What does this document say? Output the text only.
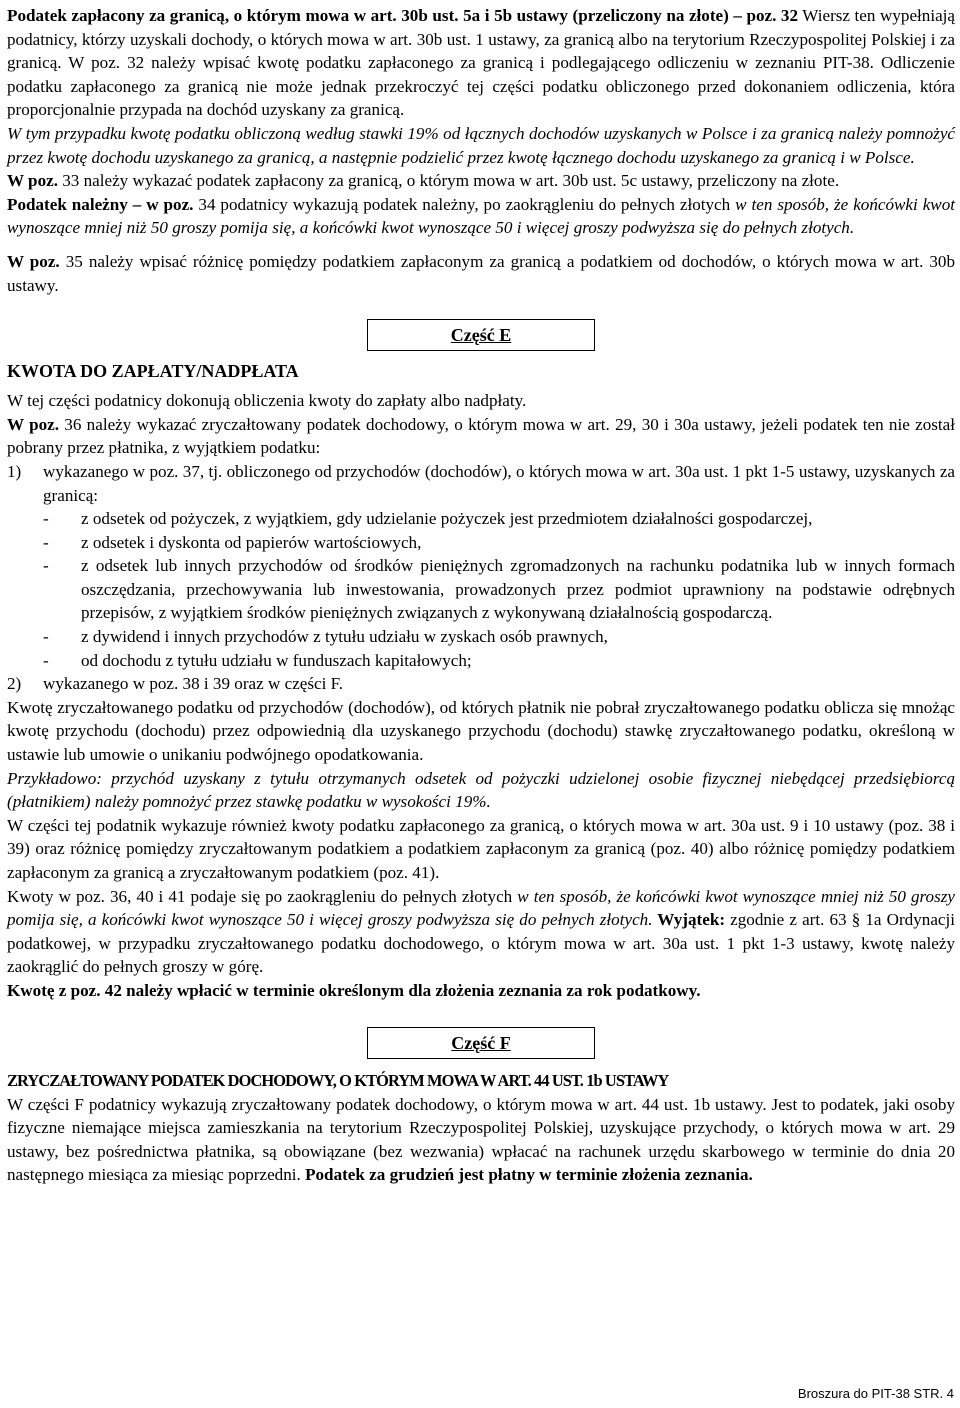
Podatek zapłacony za granicą, o którym mowa w art. 30b ust. 5a i 5b ustawy (przeliczony na złote) – poz. 32 Wiersz ten wypełniają podatnicy, którzy uzyskali dochody, o których mowa w art. 30b ust. 1 ustawy, za granicą albo na terytorium Rzeczypospolitej Polskiej i za granicą. W poz. 32 należy wpisać kwotę podatku zapłaconego za granicą i podlegającego odliczeniu w zeznaniu PIT-38. Odliczenie podatku zapłaconego za granicą nie może jednak przekroczyć tej części podatku obliczonego przed dokonaniem odliczenia, która proporcjonalnie przypada na dochód uzyskany za granicą.

W tym przypadku kwotę podatku obliczoną według stawki 19% od łącznych dochodów uzyskanych w Polsce i za granicą należy pomnożyć przez kwotę dochodu uzyskanego za granicą, a następnie podzielić przez kwotę łącznego dochodu uzyskanego za granicą i w Polsce.

W poz. 33 należy wykazać podatek zapłacony za granicą, o którym mowa w art. 30b ust. 5c ustawy, przeliczony na złote.

Podatek należny – w poz. 34 podatnicy wykazują podatek należny, po zaokrągleniu do pełnych złotych w ten sposób, że końcówki kwot wynoszące mniej niż 50 groszy pomija się, a końcówki kwot wynoszące 50 i więcej groszy podwyższa się do pełnych złotych.

W poz. 35 należy wpisać różnicę pomiędzy podatkiem zapłaconym za granicą a podatkiem od dochodów, o których mowa w art. 30b ustawy.

Część E
KWOTA DO ZAPŁATY/NADPŁATA

W tej części podatnicy dokonują obliczenia kwoty do zapłaty albo nadpłaty.

W poz. 36 należy wykazać zryczałtowany podatek dochodowy, o którym mowa w art. 29, 30 i 30a ustawy, jeżeli podatek ten nie został pobrany przez płatnika, z wyjątkiem podatku:

1)	wykazanego w poz. 37, tj. obliczonego od przychodów (dochodów), o których mowa w art. 30a ust. 1 pkt 1-5 ustawy, uzyskanych za granicą:
-	z odsetek od pożyczek, z wyjątkiem, gdy udzielanie pożyczek jest przedmiotem działalności gospodarczej,
-	z odsetek i dyskonta od papierów wartościowych,
-	z odsetek lub innych przychodów od środków pieniężnych zgromadzonych na rachunku podatnika lub w innych formach oszczędzania, przechowywania lub inwestowania, prowadzonych przez podmiot uprawniony na podstawie odrębnych przepisów, z wyjątkiem środków pieniężnych związanych z wykonywaną działalnością gospodarczą.
-	z dywidend i innych przychodów z tytułu udziału w zyskach osób prawnych,
-	od dochodu z tytułu udziału w funduszach kapitałowych;
2)	wykazanego w poz. 38 i 39 oraz w części F.

Kwotę zryczałtowanego podatku od przychodów (dochodów), od których płatnik nie pobrał zryczałtowanego podatku oblicza się mnożąc kwotę przychodu (dochodu) przez odpowiednią dla uzyskanego przychodu (dochodu) stawkę zryczałtowanego podatku, określoną w ustawie lub umowie o unikaniu podwójnego opodatkowania.

Przykładowo: przychód uzyskany z tytułu otrzymanych odsetek od pożyczki udzielonej osobie fizycznej niebędącej przedsiębiorcą (płatnikiem) należy pomnożyć przez stawkę podatku w wysokości 19%.

W części tej podatnik wykazuje również kwoty podatku zapłaconego za granicą, o których mowa w art. 30a ust. 9 i 10 ustawy (poz. 38 i 39) oraz różnicę pomiędzy zryczałtowanym podatkiem a podatkiem zapłaconym za granicą (poz. 40) albo różnicę pomiędzy podatkiem zapłaconym za granicą a zryczałtowanym podatkiem (poz. 41).

Kwoty w poz. 36, 40 i 41 podaje się po zaokrągleniu do pełnych złotych w ten sposób, że końcówki kwot wynoszące mniej niż 50 groszy pomija się, a końcówki kwot wynoszące 50 i więcej groszy podwyższa się do pełnych złotych. Wyjątek: zgodnie z art. 63 § 1a Ordynacji podatkowej, w przypadku zryczałtowanego podatku dochodowego, o którym mowa w art. 30a ust. 1 pkt 1-3 ustawy, kwotę należy zaokrąglić do pełnych groszy w górę.

Kwotę z poz. 42 należy wpłacić w terminie określonym dla złożenia zeznania za rok podatkowy.

Część F
ZRYCZAŁTOWANY PODATEK DOCHODOWY, O KTÓRYM MOWA W ART. 44 UST. 1b USTAWY

W części F podatnicy wykazują zryczałtowany podatek dochodowy, o którym mowa w art. 44 ust. 1b ustawy. Jest to podatek, jaki osoby fizyczne niemające miejsca zamieszkania na terytorium Rzeczypospolitej Polskiej, uzyskujące przychody, o których mowa w art. 29 ustawy, bez pośrednictwa płatnika, są obowiązane (bez wezwania) wpłacać na rachunek urzędu skarbowego w terminie do dnia 20 następnego miesiąca za miesiąc poprzedni. Podatek za grudzień jest płatny w terminie złożenia zeznania.

Broszura do PIT-38 STR. 4
